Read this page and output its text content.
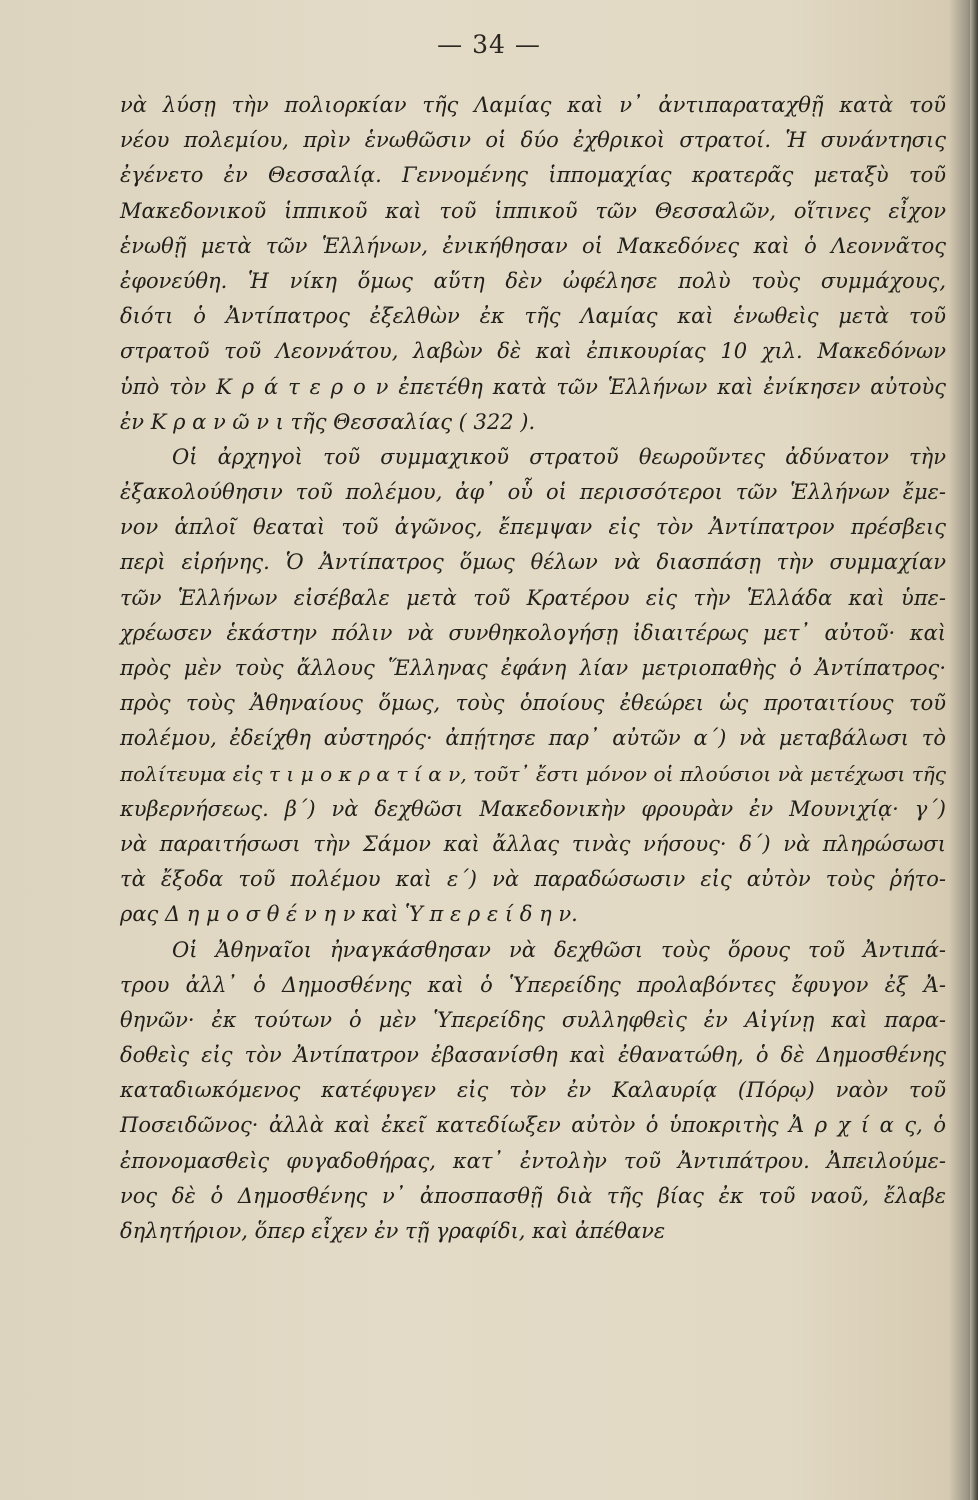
— 34 —
νὰ λύσῃ τὴν πολιορκίαν τῆς Λαμίας καὶ ν᾿ ἀντιπαραταχθῇ κατὰ τοῦ
νέου πολεμίου, πρὶν ἑνωθῶσιν οἱ δύο ἐχθρικοὶ στρατοί. Ἡ συνάντησις
ἐγένετο ἐν Θεσσαλίᾳ. Γεννομένης ἱππομαχίας κρατερᾶς μεταξὺ τοῦ
Μακεδονικοῦ ἱππικοῦ καὶ τοῦ ἱππικοῦ τῶν Θεσσαλῶν, οἵτινες εἶχον
ἑνωθῇ μετὰ τῶν Ἑλλήνων, ἐνικήθησαν οἱ Μακεδόνες καὶ ὁ Λεοννᾶτος
ἐφονεύθη. Ἡ νίκη ὅμως αὕτη δὲν ὠφέλησε πολὺ τοὺς συμμάχους,
διότι ὁ Ἀντίπατρος ἐξελθὼν ἐκ τῆς Λαμίας καὶ ἑνωθεὶς μετὰ τοῦ
στρατοῦ τοῦ Λεοννάτου, λαβὼν δὲ καὶ ἐπικουρίας 10 χιλ. Μακεδόνων
ὑπὸ τὸν Κ ρ ά τ ε ρ ο ν ἐπετέθη κατὰ τῶν Ἑλλήνων καὶ ἐνίκησεν αὐτοὺς
ἐν Κ ρ α ν ῶ ν ι τῆς Θεσσαλίας ( 322 ).
Οἱ ἀρχηγοὶ τοῦ συμμαχικοῦ στρατοῦ θεωροῦντες ἀδύνατον τὴν
ἐξακολούθησιν τοῦ πολέμου, ἀφ᾿ οὗ οἱ περισσότεροι τῶν Ἑλλήνων ἔμε-
νον ἁπλοῖ θεαταὶ τοῦ ἀγῶνος, ἔπεμψαν εἰς τὸν Ἀντίπατρον πρέσβεις
περὶ εἰρήνης. Ὁ Ἀντίπατρος ὅμως θέλων νὰ διασπάσῃ τὴν συμμαχίαν
τῶν Ἑλλήνων εἰσέβαλε μετὰ τοῦ Κρατέρου εἰς τὴν Ἑλλάδα καὶ ὑπε-
χρέωσεν ἑκάστην πόλιν νὰ συνθηκολογήσῃ ἰδιαιτέρως μετ᾿ αὐτοῦ· καὶ
πρὸς μὲν τοὺς ἄλλους Ἕλληνας ἐφάνη λίαν μετριοπαθὴς ὁ Ἀντίπατρος·
πρὸς τοὺς Ἀθηναίους ὅμως, τοὺς ὁποίους ἐθεώρει ὡς προταιτίους τοῦ
πολέμου, ἐδείχθη αὐστηρός· ἀπῄτησε παρ᾿ αὐτῶν α΄) νὰ μεταβάλωσι τὸ
πολίτευμα εἰς τ ι μ ο κ ρ α τ ί α ν, τοῦτ᾿ ἔστι μόνον οἱ πλούσιοι νὰ μετέχωσι τῆς
κυβερνήσεως. β΄) νὰ δεχθῶσι Μακεδονικὴν φρουρὰν ἐν Μουνιχίᾳ· γ΄)
νὰ παραιτήσωσι τὴν Σάμον καὶ ἄλλας τινὰς νήσους· δ΄) νὰ πληρώσωσι
τὰ ἔξοδα τοῦ πολέμου καὶ ε΄) νὰ παραδώσωσιν εἰς αὐτὸν τοὺς ῥήτο-
ρας Δ η μ ο σ θ έ ν η ν καὶ Ὑ π ε ρ ε ί δ η ν.
Οἱ Ἀθηναῖοι ἠναγκάσθησαν νὰ δεχθῶσι τοὺς ὅρους τοῦ Ἀντιπά-
τρου ἀλλ᾿ ὁ Δημοσθένης καὶ ὁ Ὑπερείδης προλαβόντες ἔφυγον ἐξ Ἀ-
θηνῶν· ἐκ τούτων ὁ μὲν Ὑπερείδης συλληφθεὶς ἐν Αἰγίνῃ καὶ παρα-
δοθεὶς εἰς τὸν Ἀντίπατρον ἐβασανίσθη καὶ ἐθανατώθη, ὁ δὲ Δημοσθένης
καταδιωκόμενος κατέφυγεν εἰς τὸν ἐν Καλαυρίᾳ (Πόρῳ) ναὸν τοῦ
Ποσειδῶνος· ἀλλὰ καὶ ἐκεῖ κατεδίωξεν αὐτὸν ὁ ὑποκριτὴς Ἀ ρ χ ί α ς, ὁ
ἐπονομασθεὶς φυγαδοθήρας, κατ᾿ ἐντολὴν τοῦ Ἀντιπάτρου. Ἀπειλούμε-
νος δὲ ὁ Δημοσθένης ν᾿ ἀποσπασθῇ διὰ τῆς βίας ἐκ τοῦ ναοῦ, ἔλαβε
δηλητήριον, ὅπερ εἶχεν ἐν τῇ γραφίδι, καὶ ἀπέθανε
